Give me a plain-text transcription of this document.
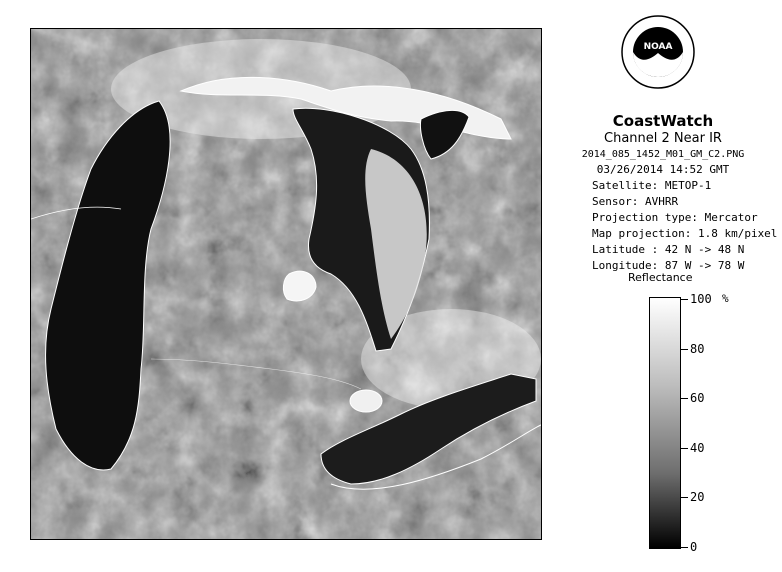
NOAA
CoastWatch
Channel 2 Near IR
2014_085_1452_M01_GM_C2.PNG
03/26/2014 14:52 GMT
Satellite: METOP-1
Sensor: AVHRR
Projection type: Mercator
Map projection: 1.8 km/pixel
Latitude : 42 N -> 48 N
Longitude: 87 W -> 78 W
Reflectance
%
100
80
60
40
20
0
